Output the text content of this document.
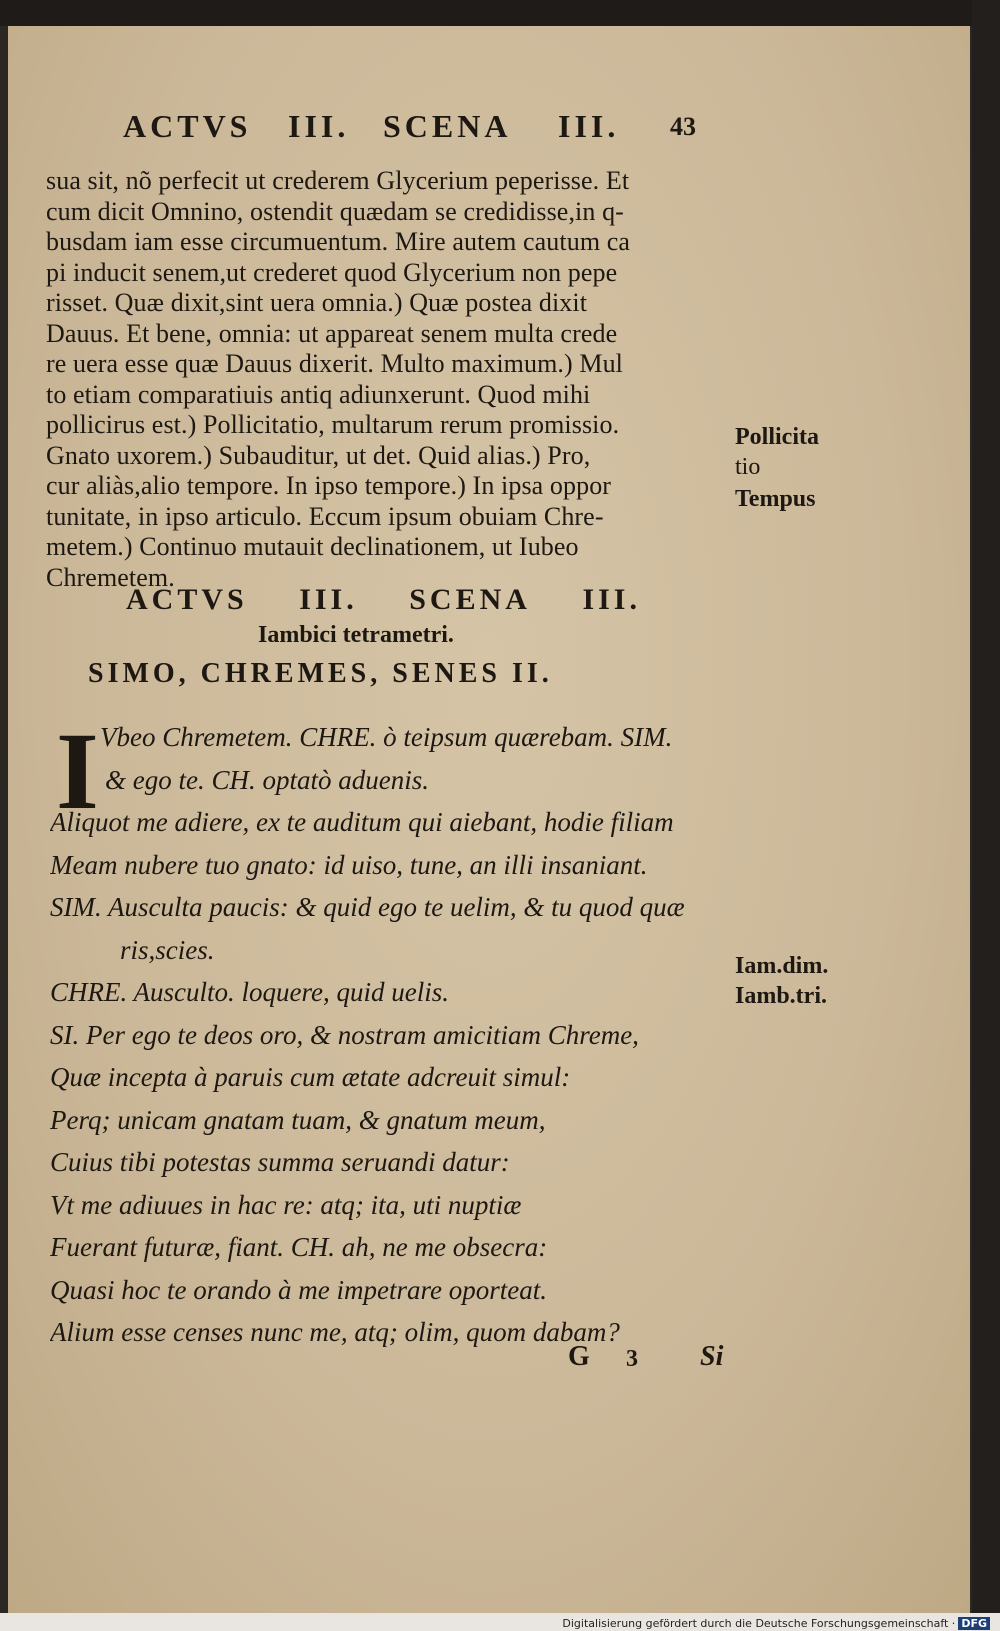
ACTVS III. SCENA III. 43
sua sit, nõ perfecit ut crederem Glycerium peperisse. Et
cum dicit Omnino, ostendit quædam se credidisse,in q-
busdam iam esse circumuentum. Mire autem cautum ca
pi inducit senem,ut crederet quod Glycerium non pepe
risset. Quæ dixit,sint uera omnia.) Quæ postea dixit
Dauus. Et bene, omnia: ut appareat senem multa crede
re uera esse quæ Dauus dixerit. Multo maximum.) Mul
to etiam comparatiuis antiq adiunxerunt. Quod mihi
pollicirus est.) Pollicitatio, multarum rerum promissio.
Gnato uxorem.) Subauditur, ut det. Quid alias.) Pro,
cur aliàs,alio tempore. In ipso tempore.) In ipsa oppor
tunitate, in ipso articulo. Eccum ipsum obuiam Chre-
metem.) Continuo mutauit declinationem, ut Iubeo
Chremetem.
Pollicita
tio
Tempus
ACTVS III. SCENA III.
Iambici tetrametri.
SIMO, CHREMES, SENES II.
I Vbeo Chremetem. CHRE. ò teipsum quærebam. SIM.
& ego te. CH. optatò aduenis.
Aliquot me adiere, ex te auditum qui aiebant, hodie filiam
Meam nubere tuo gnato: id uiso, tune, an illi insaniant.
SIM. Ausculta paucis: & quid ego te uelim, & tu quod quæ
ris,scies.
CHRE. Ausculto. loquere, quid uelis.
SI. Per ego te deos oro, & nostram amicitiam Chreme,
Quæ incepta à paruis cum ætate adcreuit simul:
Perq; unicam gnatam tuam, & gnatum meum,
Cuius tibi potestas summa seruandi datur:
Vt me adiuues in hac re: atq; ita, uti nuptiæ
Fuerant futuræ, fiant. CH. ah, ne me obsecra:
Quasi hoc te orando à me impetrare oporteat.
Alium esse censes nunc me, atq; olim, quom dabam?
Iam.dim.
Iamb.tri.
G 3 Si
Digitalisierung gefördert durch die Deutsche Forschungsgemeinschaft · DFG
